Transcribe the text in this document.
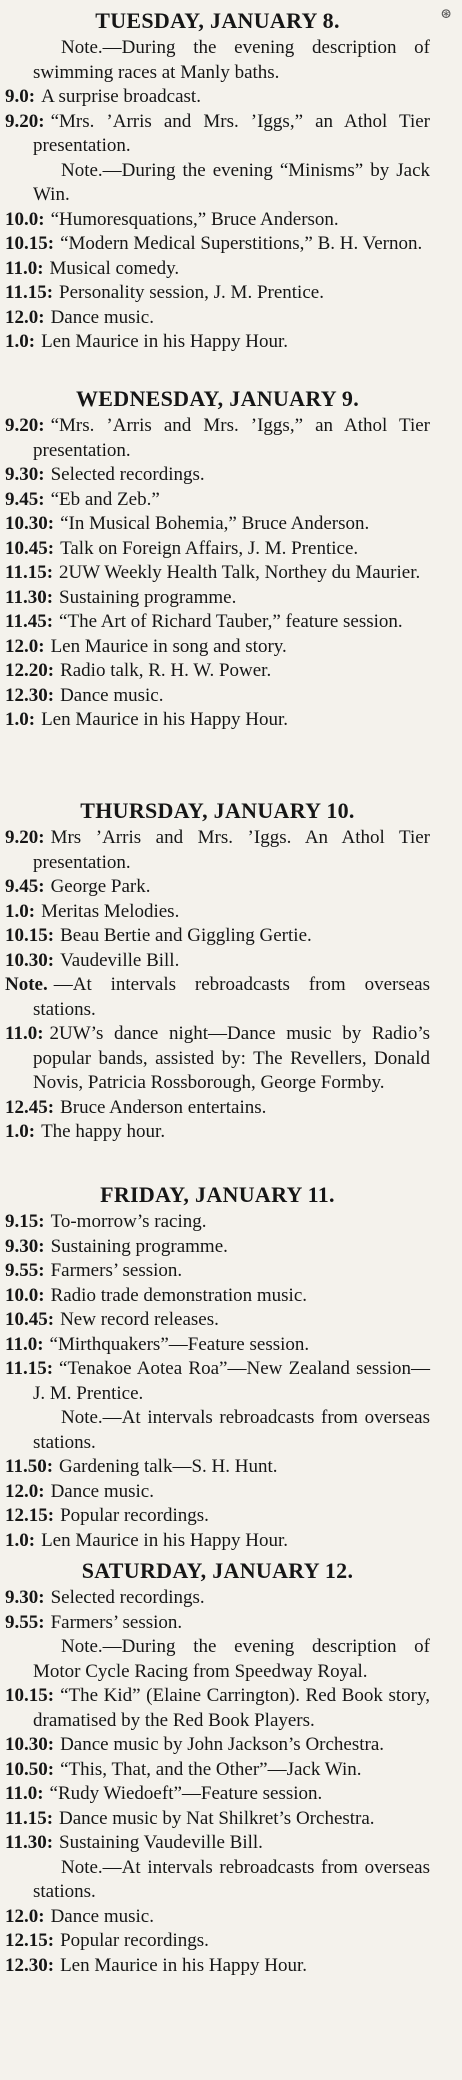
⊛

TUESDAY, JANUARY 8.

Note.—During the evening description of swimming races at Manly baths.

9.0: A surprise broadcast.

9.20: “Mrs. ’Arris and Mrs. ’Iggs,” an Athol Tier presentation.

Note.—During the evening “Minisms” by Jack Win.

10.0: “Humoresquations,” Bruce Anderson.

10.15: “Modern Medical Superstitions,” B. H. Vernon.

11.0: Musical comedy.

11.15: Personality session, J. M. Prentice.

12.0: Dance music.

1.0: Len Maurice in his Happy Hour.

WEDNESDAY, JANUARY 9.

9.20: “Mrs. ’Arris and Mrs. ’Iggs,” an Athol Tier presentation.

9.30: Selected recordings.

9.45: “Eb and Zeb.”

10.30: “In Musical Bohemia,” Bruce Anderson.

10.45: Talk on Foreign Affairs, J. M. Prentice.

11.15: 2UW Weekly Health Talk, Northey du Maurier.

11.30: Sustaining programme.

11.45: “The Art of Richard Tauber,” feature session.

12.0: Len Maurice in song and story.

12.20: Radio talk, R. H. W. Power.

12.30: Dance music.

1.0: Len Maurice in his Happy Hour.

THURSDAY, JANUARY 10.

9.20: Mrs ’Arris and Mrs. ’Iggs. An Athol Tier presentation.

9.45: George Park.

1.0: Meritas Melodies.

10.15: Beau Bertie and Giggling Gertie.

10.30: Vaudeville Bill.

Note. —At intervals rebroadcasts from overseas stations.

11.0: 2UW’s dance night—Dance music by Radio’s popular bands, assisted by: The Revellers, Donald Novis, Patricia Rossborough, George Formby.

12.45: Bruce Anderson entertains.

1.0: The happy hour.

FRIDAY, JANUARY 11.

9.15: To-morrow’s racing.

9.30: Sustaining programme.

9.55: Farmers’ session.

10.0: Radio trade demonstration music.

10.45: New record releases.

11.0: “Mirthquakers”—Feature session.

11.15: “Tenakoe Aotea Roa”—New Zealand session—J. M. Prentice.

Note.—At intervals rebroadcasts from overseas stations.

11.50: Gardening talk—S. H. Hunt.

12.0: Dance music.

12.15: Popular recordings.

1.0: Len Maurice in his Happy Hour.

SATURDAY, JANUARY 12.

9.30: Selected recordings.

9.55: Farmers’ session.

Note.—During the evening description of Motor Cycle Racing from Speedway Royal.

10.15: “The Kid” (Elaine Carrington). Red Book story, dramatised by the Red Book Players.

10.30: Dance music by John Jackson’s Orchestra.

10.50: “This, That, and the Other”—Jack Win.

11.0: “Rudy Wiedoeft”—Feature session.

11.15: Dance music by Nat Shilkret’s Orchestra.

11.30: Sustaining Vaudeville Bill.

Note.—At intervals rebroadcasts from overseas stations.

12.0: Dance music.

12.15: Popular recordings.

12.30: Len Maurice in his Happy Hour.
